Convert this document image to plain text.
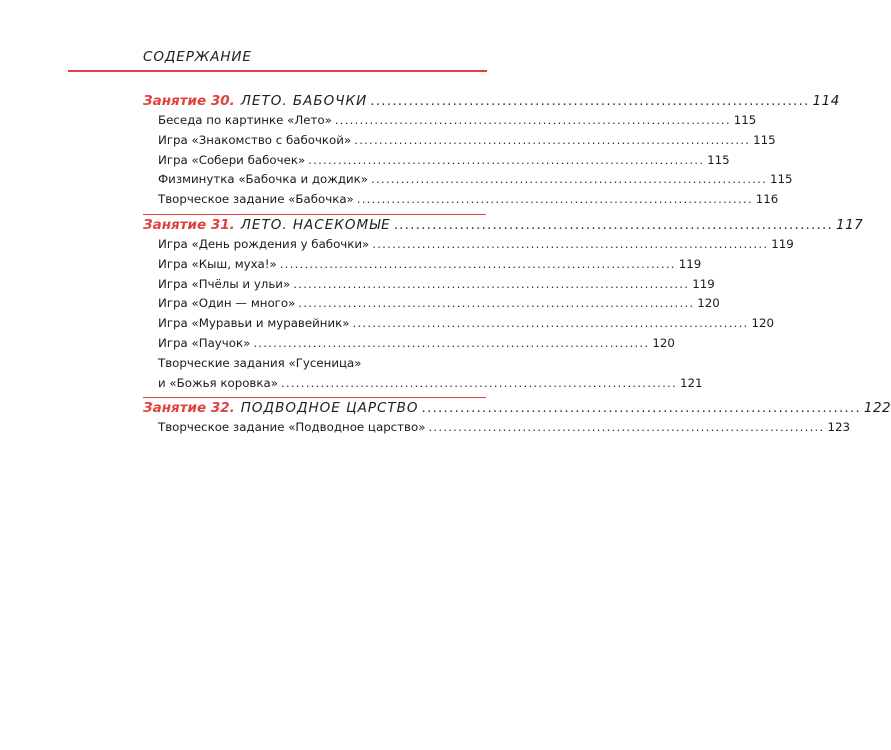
СОДЕРЖАНИЕ
Занятие 30. ЛЕТО. БАБОЧКИ ................................................................................ 114
Беседа по картинке «Лето» ................................................................................ 115
Игра «Знакомство с бабочкой» ................................................................................ 115
Игра «Собери бабочек» ................................................................................ 115
Физминутка «Бабочка и дождик» ................................................................................ 115
Творческое задание «Бабочка» ................................................................................ 116
Занятие 31. ЛЕТО. НАСЕКОМЫЕ ................................................................................ 117
Игра «День рождения у бабочки» ................................................................................ 119
Игра «Кыш, муха!» ................................................................................ 119
Игра «Пчёлы и ульи» ................................................................................ 119
Игра «Один — много» ................................................................................ 120
Игра «Муравьи и муравейник» ................................................................................ 120
Игра «Паучок» ................................................................................ 120
Творческие задания «Гусеница»
и «Божья коровка» ................................................................................ 121
Занятие 32. ПОДВОДНОЕ ЦАРСТВО ................................................................................ 122
Творческое задание «Подводное царство» ................................................................................ 123
